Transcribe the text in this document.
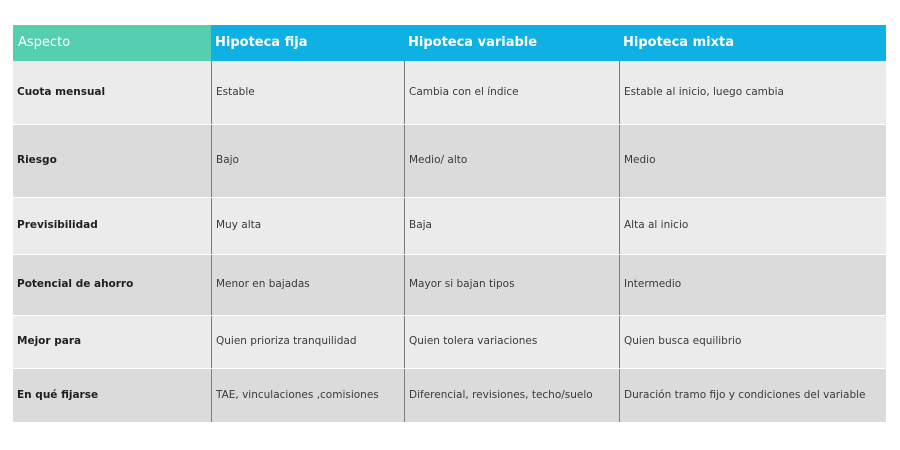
Aspecto	Hipoteca fija	Hipoteca variable	Hipoteca mixta
Cuota mensual	Estable	Cambia con el índice	Estable al inicio, luego cambia
Riesgo	Bajo	Medio/ alto	Medio
Previsibilidad	Muy alta	Baja	Alta al inicio
Potencial de ahorro	Menor en bajadas	Mayor si bajan tipos	Intermedio
Mejor para	Quien prioriza tranquilidad	Quien tolera variaciones	Quien busca equilibrio
En qué fijarse	TAE, vinculaciones ,comisiones	Diferencial, revisiones, techo/suelo	Duración tramo fijo y condiciones del variable
